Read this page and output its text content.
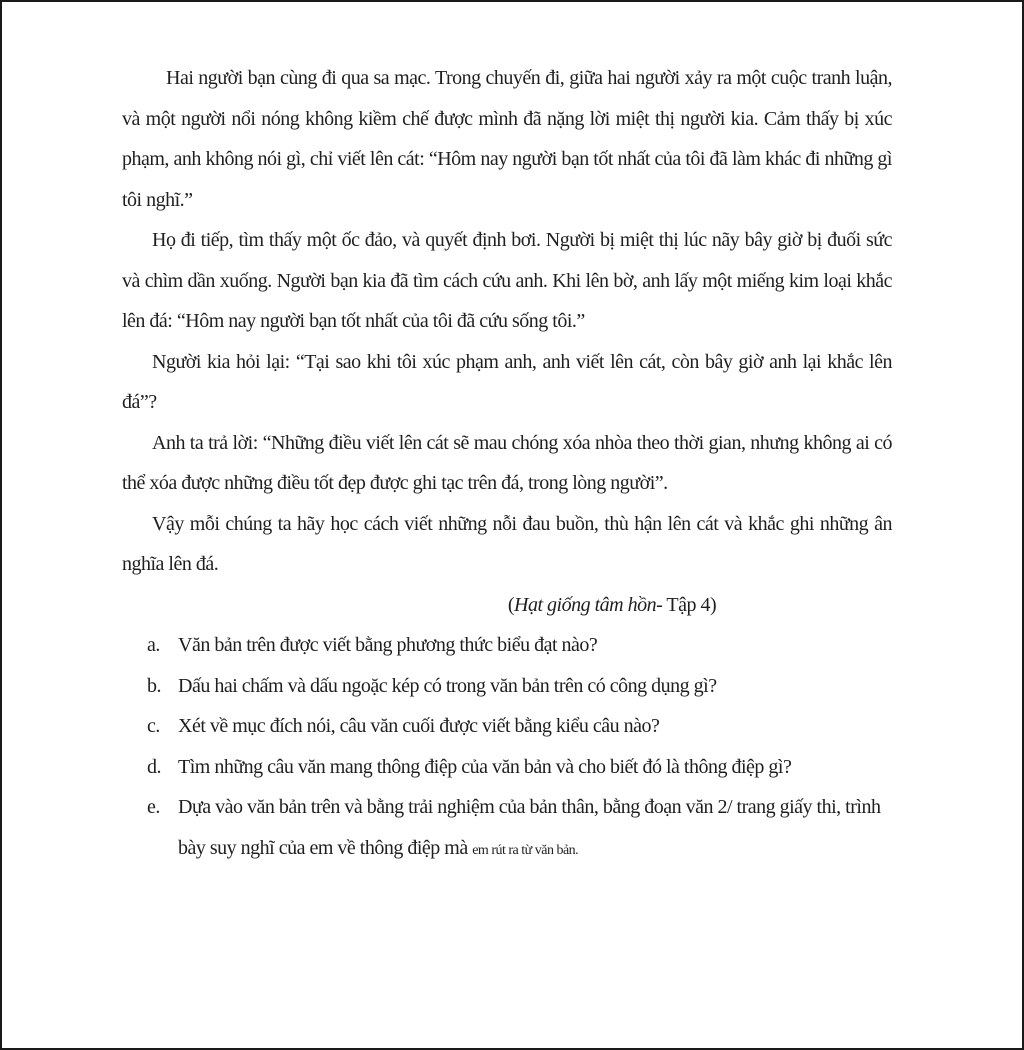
Hai người bạn cùng đi qua sa mạc. Trong chuyến đi, giữa hai người xảy ra một cuộc tranh luận, và một người nổi nóng không kiềm chế được mình đã nặng lời miệt thị người kia. Cảm thấy bị xúc phạm, anh không nói gì, chỉ viết lên cát: “Hôm nay người bạn tốt nhất của tôi đã làm khác đi những gì tôi nghĩ.”

Họ đi tiếp, tìm thấy một ốc đảo, và quyết định bơi. Người bị miệt thị lúc nãy bây giờ bị đuối sức và chìm dần xuống. Người bạn kia đã tìm cách cứu anh. Khi lên bờ, anh lấy một miếng kim loại khắc lên đá: “Hôm nay người bạn tốt nhất của tôi đã cứu sống tôi.”

Người kia hỏi lại: “Tại sao khi tôi xúc phạm anh, anh viết lên cát, còn bây giờ anh lại khắc lên đá”?

Anh ta trả lời: “Những điều viết lên cát sẽ mau chóng xóa nhòa theo thời gian, nhưng không ai có thể xóa được những điều tốt đẹp được ghi tạc trên đá, trong lòng người”.

Vậy mỗi chúng ta hãy học cách viết những nỗi đau buồn, thù hận lên cát và khắc ghi những ân nghĩa lên đá.

(Hạt giống tâm hồn- Tập 4)

a. Văn bản trên được viết bằng phương thức biểu đạt nào?
b. Dấu hai chấm và dấu ngoặc kép có trong văn bản trên có công dụng gì?
c. Xét về mục đích nói, câu văn cuối được viết bằng kiểu câu nào?
d. Tìm những câu văn mang thông điệp của văn bản và cho biết đó là thông điệp gì?
e. Dựa vào văn bản trên và bằng trải nghiệm của bản thân, bằng đoạn văn 2/ trang giấy thi, trình bày suy nghĩ của em về thông điệp mà em rút ra từ văn bản.
